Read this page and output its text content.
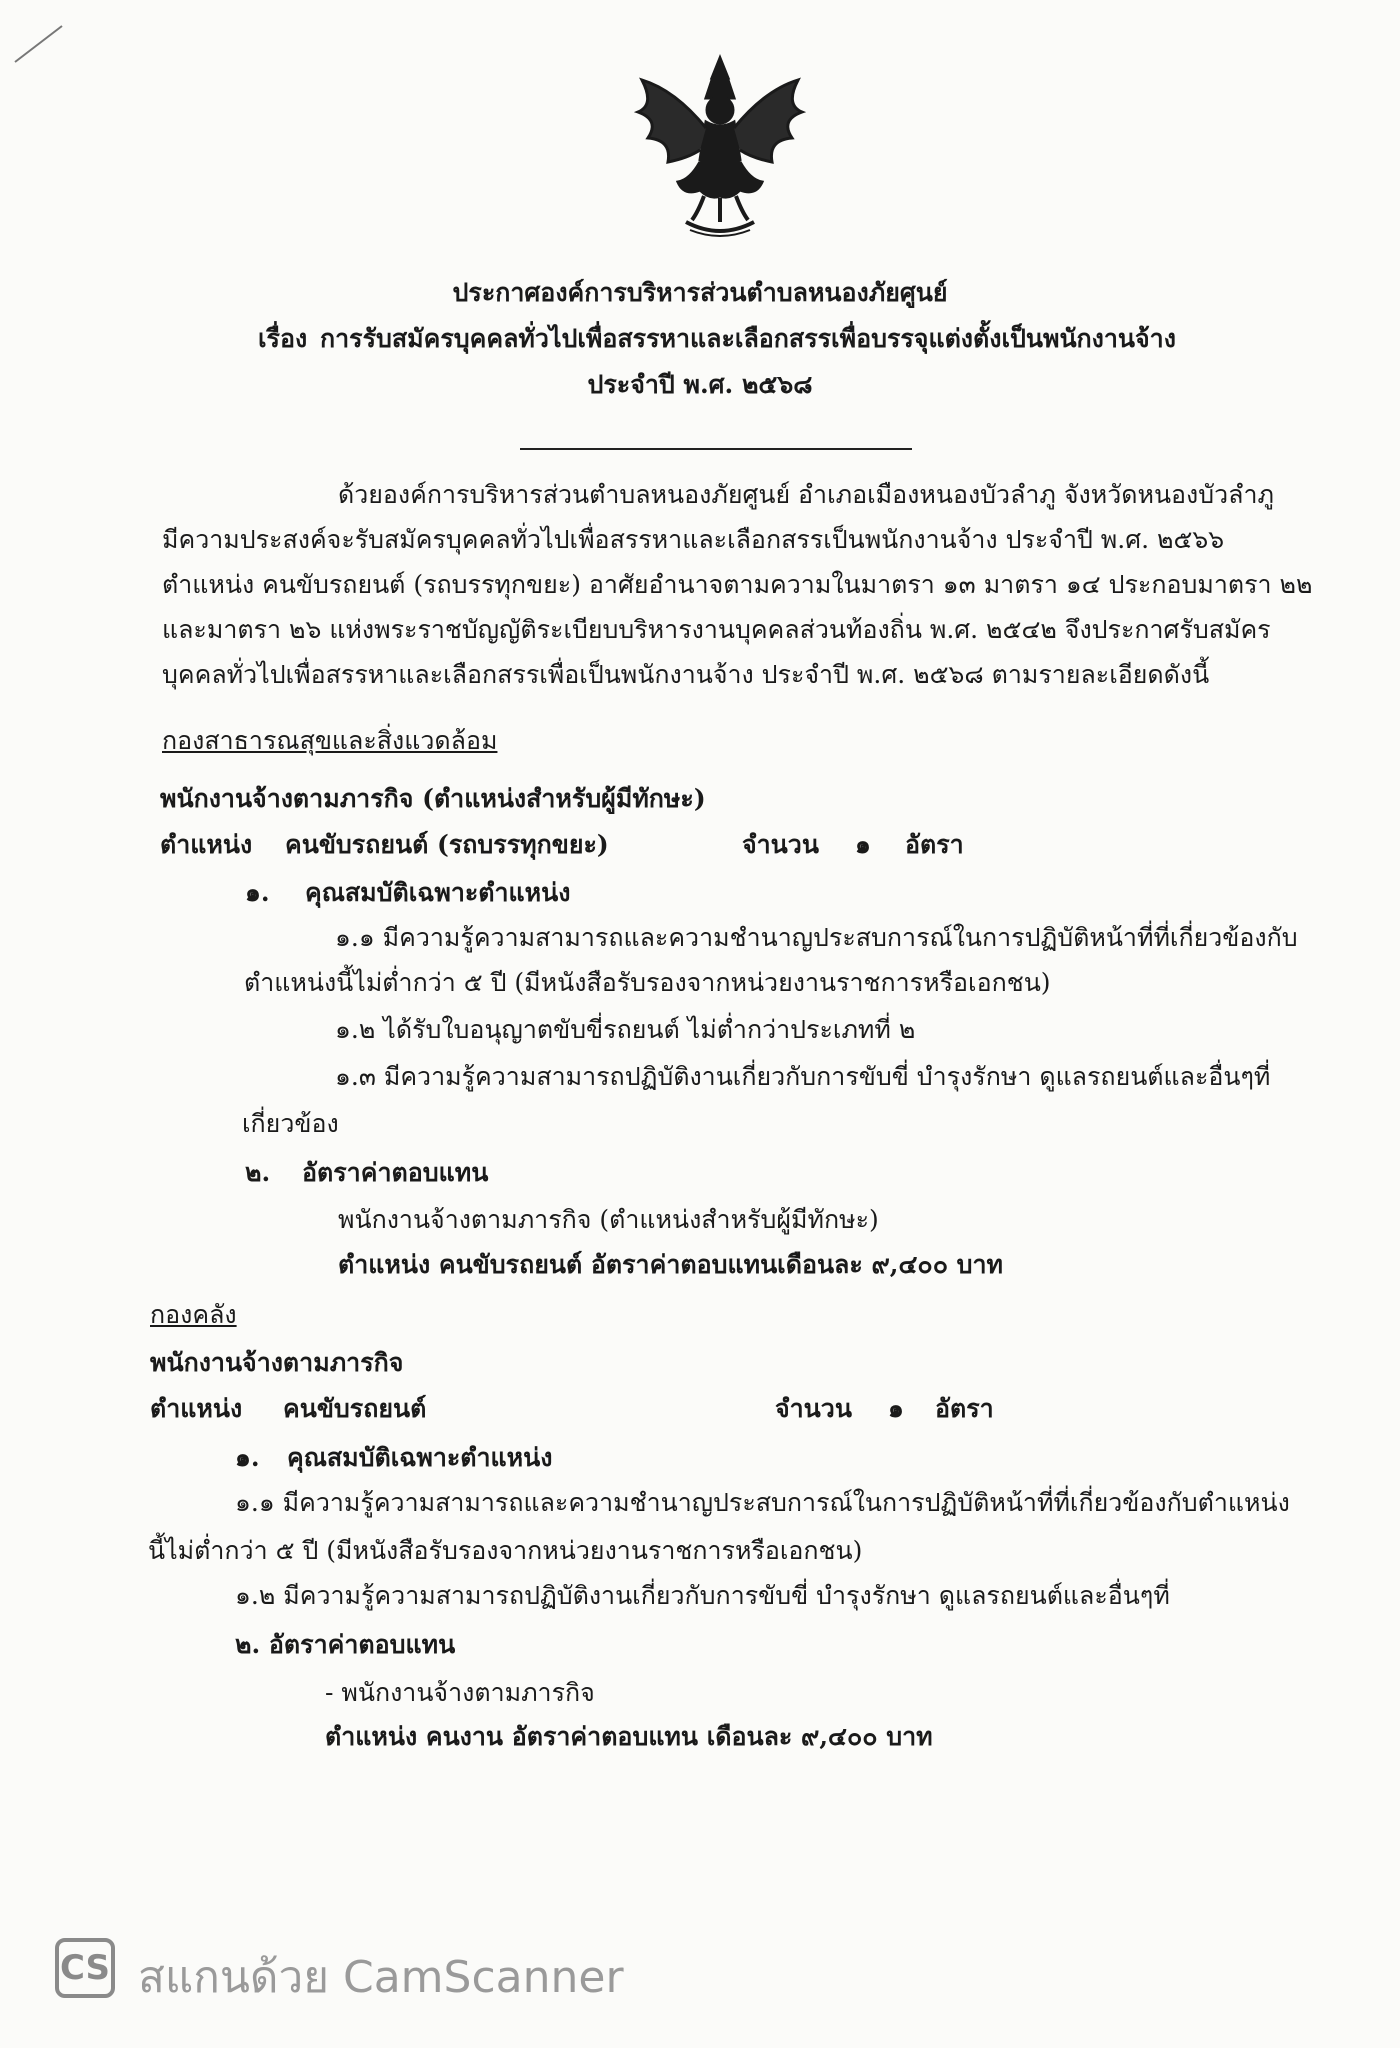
ประกาศองค์การบริหารส่วนตำบลหนองภัยศูนย์
เรื่อง การรับสมัครบุคคลทั่วไปเพื่อสรรหาและเลือกสรรเพื่อบรรจุแต่งตั้งเป็นพนักงานจ้าง
ประจำปี พ.ศ. ๒๕๖๘
ด้วยองค์การบริหารส่วนตำบลหนองภัยศูนย์ อำเภอเมืองหนองบัวลำภู จังหวัดหนองบัวลำภู
มีความประสงค์จะรับสมัครบุคคลทั่วไปเพื่อสรรหาและเลือกสรรเป็นพนักงานจ้าง ประจำปี พ.ศ. ๒๕๖๖
ตำแหน่ง คนขับรถยนต์ (รถบรรทุกขยะ) อาศัยอำนาจตามความในมาตรา ๑๓ มาตรา ๑๔ ประกอบมาตรา ๒๒
และมาตรา ๒๖ แห่งพระราชบัญญัติระเบียบบริหารงานบุคคลส่วนท้องถิ่น พ.ศ. ๒๕๔๒ จึงประกาศรับสมัคร
บุคคลทั่วไปเพื่อสรรหาและเลือกสรรเพื่อเป็นพนักงานจ้าง ประจำปี พ.ศ. ๒๕๖๘ ตามรายละเอียดดังนี้
กองสาธารณสุขและสิ่งแวดล้อม
พนักงานจ้างตามภารกิจ (ตำแหน่งสำหรับผู้มีทักษะ)
ตำแหน่ง คนขับรถยนต์ (รถบรรทุกขยะ)	จำนวน ๑ อัตรา
๑. คุณสมบัติเฉพาะตำแหน่ง
๑.๑ มีความรู้ความสามารถและความชำนาญประสบการณ์ในการปฏิบัติหน้าที่ที่เกี่ยวข้องกับ
ตำแหน่งนี้ไม่ต่ำกว่า ๕ ปี (มีหนังสือรับรองจากหน่วยงานราชการหรือเอกชน)
๑.๒ ได้รับใบอนุญาตขับขี่รถยนต์ ไม่ต่ำกว่าประเภทที่ ๒
๑.๓ มีความรู้ความสามารถปฏิบัติงานเกี่ยวกับการขับขี่ บำรุงรักษา ดูแลรถยนต์และอื่นๆที่
เกี่ยวข้อง
๒. อัตราค่าตอบแทน
พนักงานจ้างตามภารกิจ (ตำแหน่งสำหรับผู้มีทักษะ)
ตำแหน่ง คนขับรถยนต์ อัตราค่าตอบแทนเดือนละ ๙,๔๐๐ บาท
กองคลัง
พนักงานจ้างตามภารกิจ
ตำแหน่ง คนขับรถยนต์	จำนวน ๑ อัตรา
๑. คุณสมบัติเฉพาะตำแหน่ง
๑.๑ มีความรู้ความสามารถและความชำนาญประสบการณ์ในการปฏิบัติหน้าที่ที่เกี่ยวข้องกับตำแหน่ง
นี้ไม่ต่ำกว่า ๕ ปี (มีหนังสือรับรองจากหน่วยงานราชการหรือเอกชน)
๑.๒ มีความรู้ความสามารถปฏิบัติงานเกี่ยวกับการขับขี่ บำรุงรักษา ดูแลรถยนต์และอื่นๆที่
๒. อัตราค่าตอบแทน
- พนักงานจ้างตามภารกิจ
ตำแหน่ง คนงาน อัตราค่าตอบแทน เดือนละ ๙,๔๐๐ บาท
CS สแกนด้วย CamScanner
